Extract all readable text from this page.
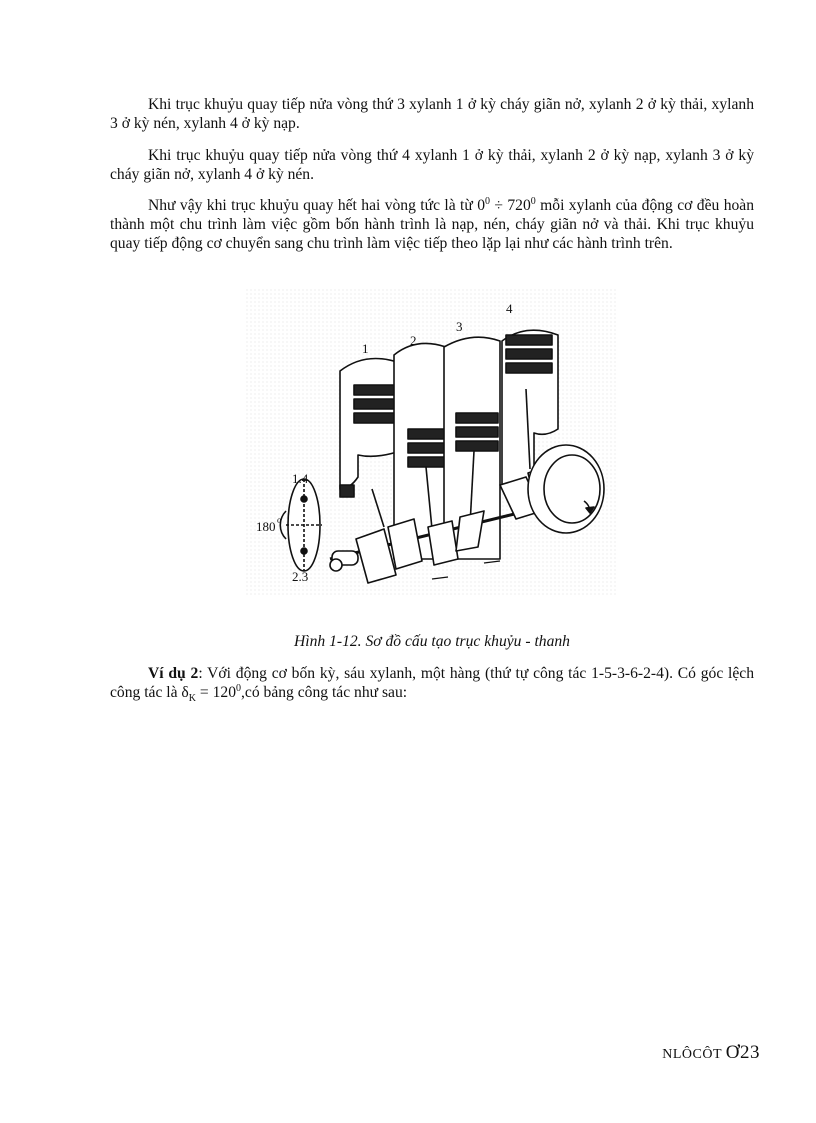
Khi trục khuỷu quay tiếp nửa vòng thứ 3 xylanh 1 ở kỳ cháy giãn nở, xylanh 2 ở kỳ thải, xylanh 3 ở kỳ nén, xylanh 4 ở kỳ nạp.

Khi trục khuỷu quay tiếp nửa vòng thứ 4 xylanh 1 ở kỳ thải, xylanh 2 ở kỳ nạp, xylanh 3 ở kỳ cháy giãn nở, xylanh 4 ở kỳ nén.

Như vậy khi trục khuỷu quay hết hai vòng tức là từ $0^0 \div 720^0$ mỗi xylanh của động cơ đều hoàn thành một chu trình làm việc gồm bốn hành trình là nạp, nén, cháy giãn nở và thải. Khi trục khuỷu quay tiếp động cơ chuyển sang chu trình làm việc tiếp theo lặp lại như các hành trình trên.

1
2
3
4
1.4
2.3
180 o
Hình 1-12. Sơ đồ cấu tạo trục khuỷu - thanh

Ví dụ 2: Với động cơ bốn kỳ, sáu xylanh, một hàng (thứ tự công tác 1-5-3-6-2-4). Có góc lệch công tác là $\delta_K$ = $120^0,có$ bảng công tác như sau:

NLÔCÔT Ơ23
